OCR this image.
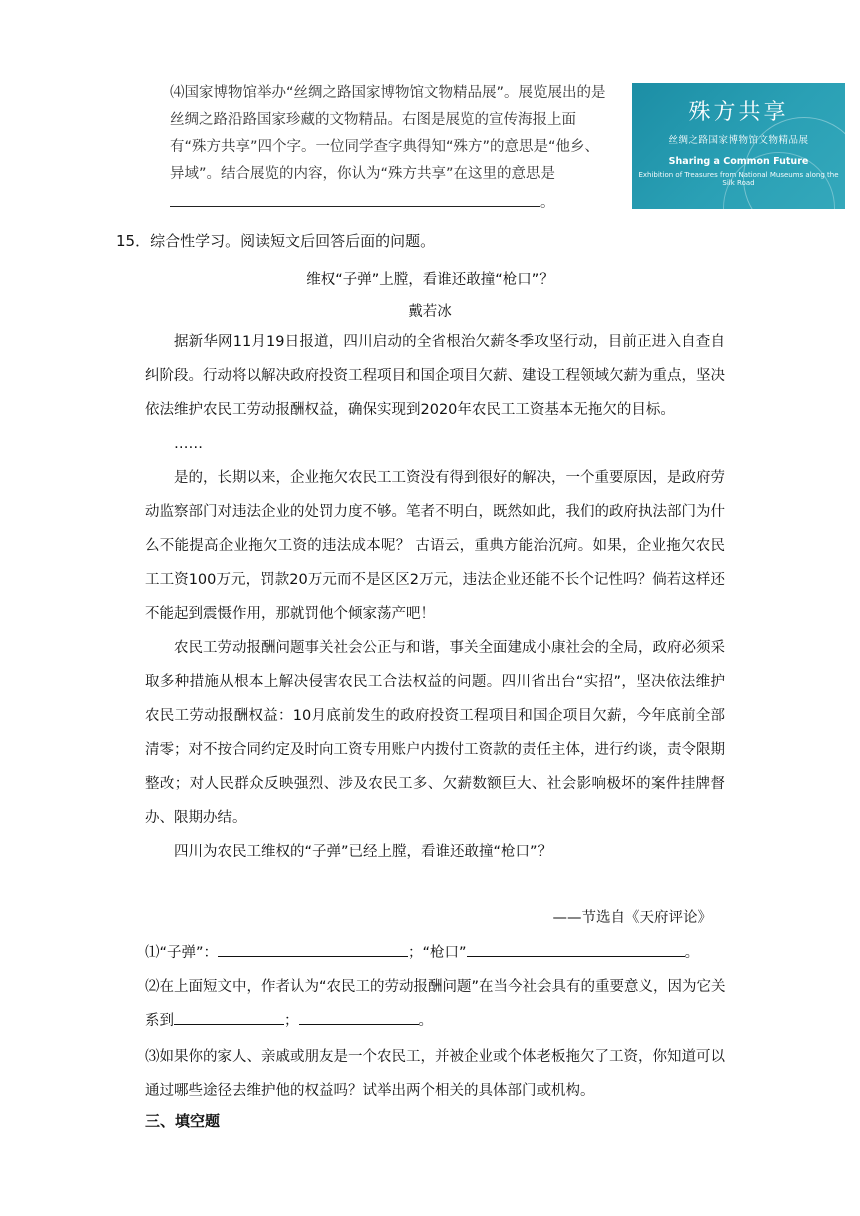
⑷国家博物馆举办“丝绸之路国家博物馆文物精品展”。展览展出的是丝绸之路沿路国家珍藏的文物精品。右图是展览的宣传海报上面有“殊方共享”四个字。一位同学查字典得知“殊方”的意思是“他乡、异域”。结合展览的内容，你认为“殊方共享”在这里的意思是。

殊方共享
丝绸之路国家博物馆文物精品展
Sharing a Common Future
Exhibition of Treasures from National Museums along the Silk Road
15．综合性学习。阅读短文后回答后面的问题。
维权“子弹”上膛，看谁还敢撞“枪口”？
戴若冰

据新华网11月19日报道，四川启动的全省根治欠薪冬季攻坚行动，目前正进入自查自纠阶段。行动将以解决政府投资工程项目和国企项目欠薪、建设工程领域欠薪为重点，坚决依法维护农民工劳动报酬权益，确保实现到2020年农民工工资基本无拖欠的目标。

……

是的，长期以来，企业拖欠农民工工资没有得到很好的解决，一个重要原因，是政府劳动监察部门对违法企业的处罚力度不够。笔者不明白，既然如此，我们的政府执法部门为什么不能提高企业拖欠工资的违法成本呢？ 古语云，重典方能治沉疴。如果，企业拖欠农民工工资100万元，罚款20万元而不是区区2万元，违法企业还能不长个记性吗？倘若这样还不能起到震慑作用，那就罚他个倾家荡产吧！

农民工劳动报酬问题事关社会公正与和谐，事关全面建成小康社会的全局，政府必须采取多种措施从根本上解决侵害农民工合法权益的问题。四川省出台“实招”，坚决依法维护农民工劳动报酬权益：10月底前发生的政府投资工程项目和国企项目欠薪，今年底前全部清零；对不按合同约定及时向工资专用账户内拨付工资款的责任主体，进行约谈，责令限期整改；对人民群众反映强烈、涉及农民工多、欠薪数额巨大、社会影响极坏的案件挂牌督办、限期办结。

四川为农民工维权的“子弹”已经上膛，看谁还敢撞“枪口”？

——节选自《天府评论》
⑴“子弹”：	；“枪口”	。
⑵在上面短文中，作者认为“农民工的劳动报酬问题”在当今社会具有的重要意义，因为它关系到	；	。
⑶如果你的家人、亲戚或朋友是一个农民工，并被企业或个体老板拖欠了工资，你知道可以通过哪些途径去维护他的权益吗？试举出两个相关的具体部门或机构。
三、填空题
